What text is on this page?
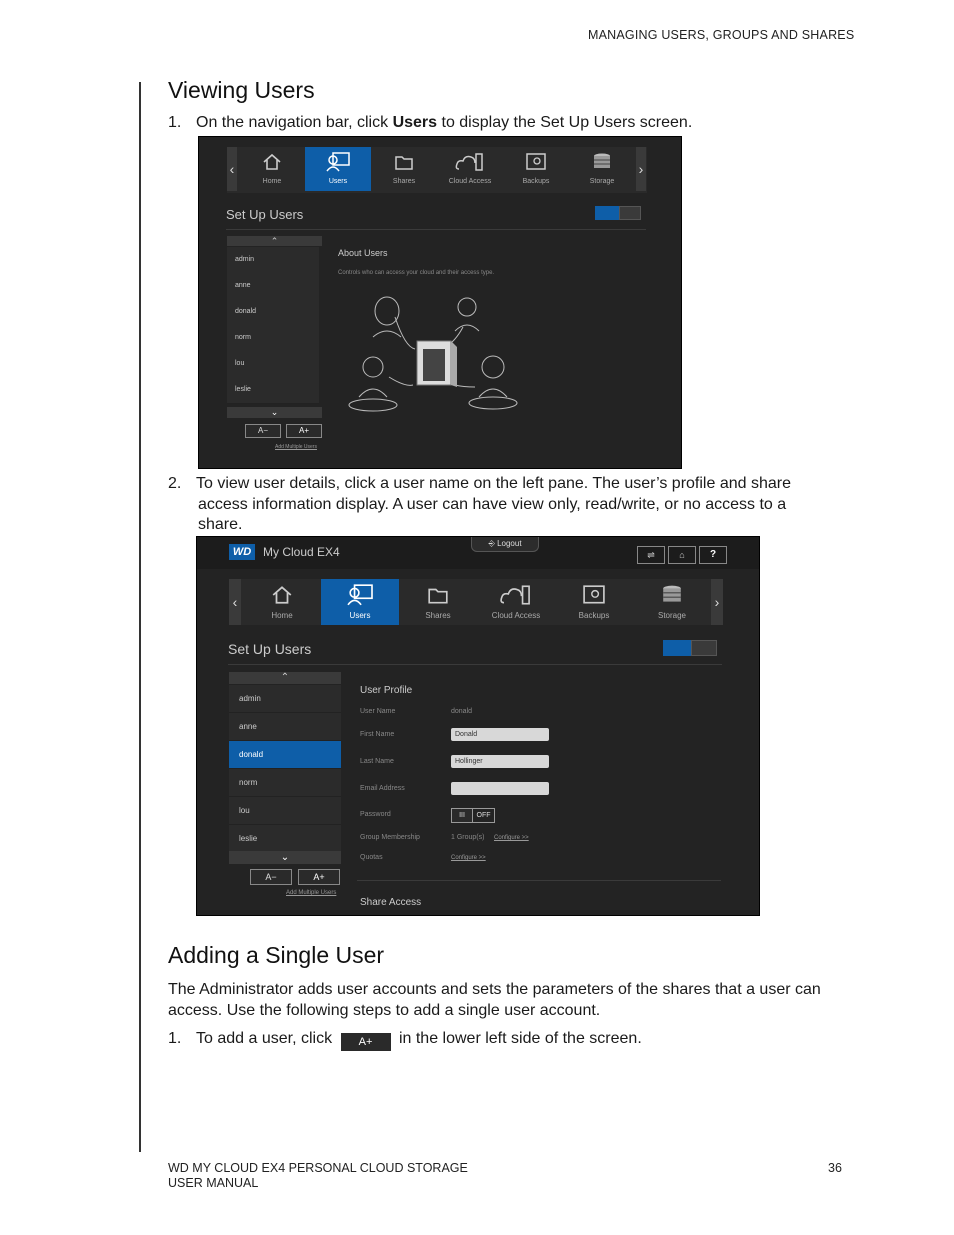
MANAGING USERS, GROUPS AND SHARES
Viewing Users
1. On the navigation bar, click Users to display the Set Up Users screen.
‹	›
Home	Users	Shares	Cloud Access	Backups	Storage
Set Up Users
⌃
admin
anne
donald
norm
lou
leslie
⌄
A−	A+
Add Multiple Users
About Users
Controls who can access your cloud and their access type.
2. To view user details, click a user name on the left pane. The user’s profile and share
access information display. A user can have view only, read/write, or no access to a
share.
WD My Cloud EX4
⎆ Logout
⇌	⌂	?
‹	›
Home	Users	Shares	Cloud Access	Backups	Storage
Set Up Users
⌃
admin
anne
donald
norm
lou
leslie
⌄
A−	A+
Add Multiple Users
User Profile
User Name	donald
First Name	Donald
Last Name	Hollinger
Email Address
Password	III	OFF
Group Membership	1 Group(s) Configure >>
Quotas	Configure >>
Share Access
Adding a Single User
The Administrator adds user accounts and sets the parameters of the shares that a user can
access. Use the following steps to add a single user account.
1. To add a user, click A+ in the lower left side of the screen.
WD MY CLOUD EX4 PERSONAL CLOUD STORAGE
USER MANUAL
36
